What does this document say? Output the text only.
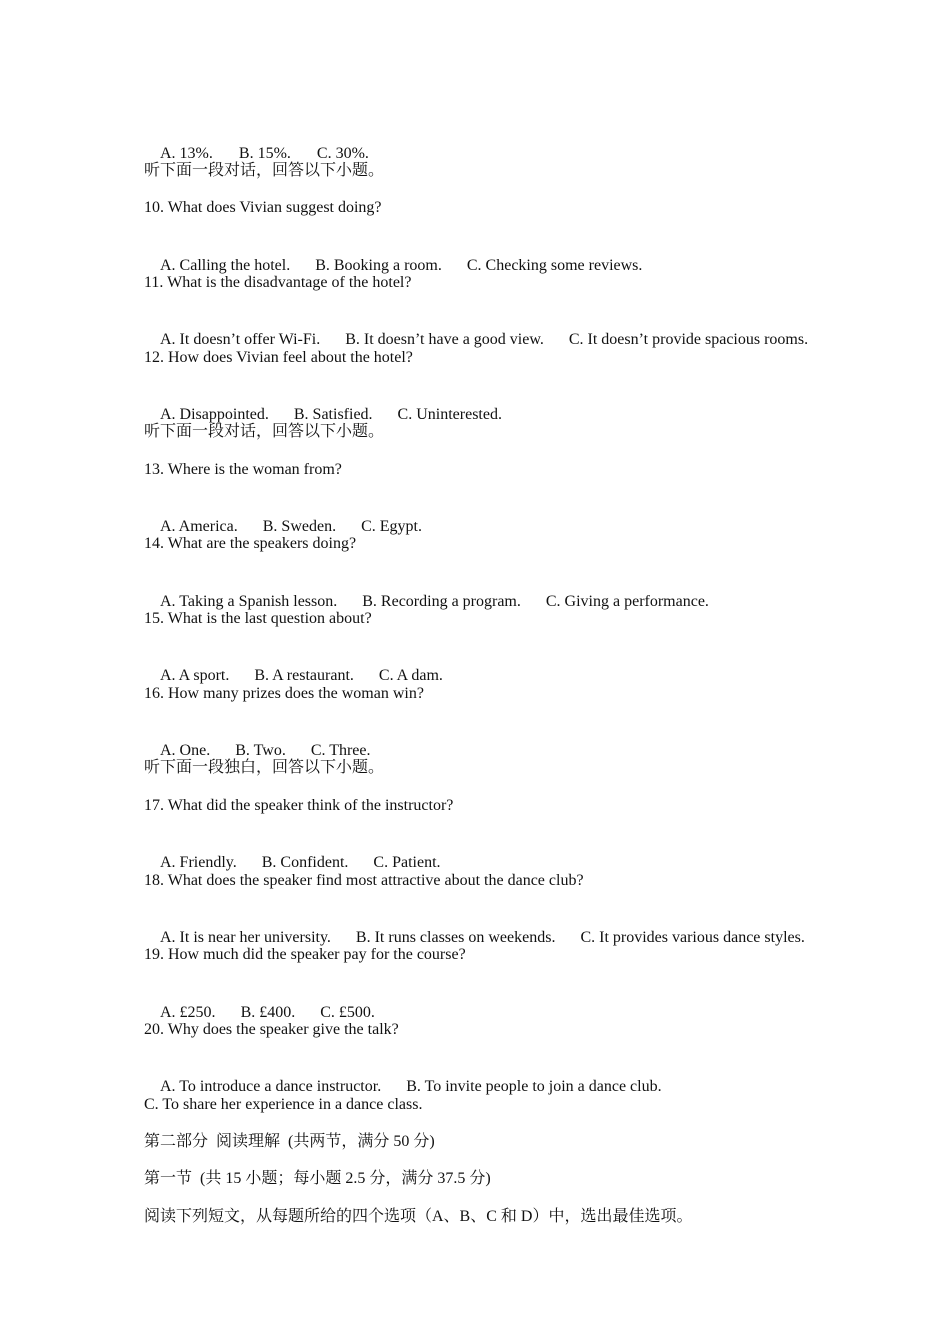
A. 13%. B. 15%. C. 30%.

听下面一段对话，回答以下小题。
10. What does Vivian suggest doing?

A. Calling the hotel. B. Booking a room. C. Checking some reviews.

11. What is the disadvantage of the hotel?

A. It doesn’t offer Wi-Fi. B. It doesn’t have a good view. C. It doesn’t provide spacious rooms.

12. How does Vivian feel about the hotel?

A. Disappointed. B. Satisfied. C. Uninterested.

听下面一段对话，回答以下小题。
13. Where is the woman from?

A. America. B. Sweden. C. Egypt.

14. What are the speakers doing?

A. Taking a Spanish lesson. B. Recording a program. C. Giving a performance.

15. What is the last question about?

A. A sport. B. A restaurant. C. A dam.

16. How many prizes does the woman win?

A. One. B. Two. C. Three.

听下面一段独白，回答以下小题。
17. What did the speaker think of the instructor?

A. Friendly. B. Confident. C. Patient.

18. What does the speaker find most attractive about the dance club?

A. It is near her university. B. It runs classes on weekends. C. It provides various dance styles.

19. How much did the speaker pay for the course?

A. £250. B. £400. C. £500.

20. Why does the speaker give the talk?

A. To introduce a dance instructor. B. To invite people to join a dance club.

C. To share her experience in a dance class.
第二部分  阅读理解  (共两节，满分 50 分)
第一节  (共 15 小题；每小题 2.5 分，满分 37.5 分)
阅读下列短文，从每题所给的四个选项（A、B、C 和 D）中，选出最佳选项。
